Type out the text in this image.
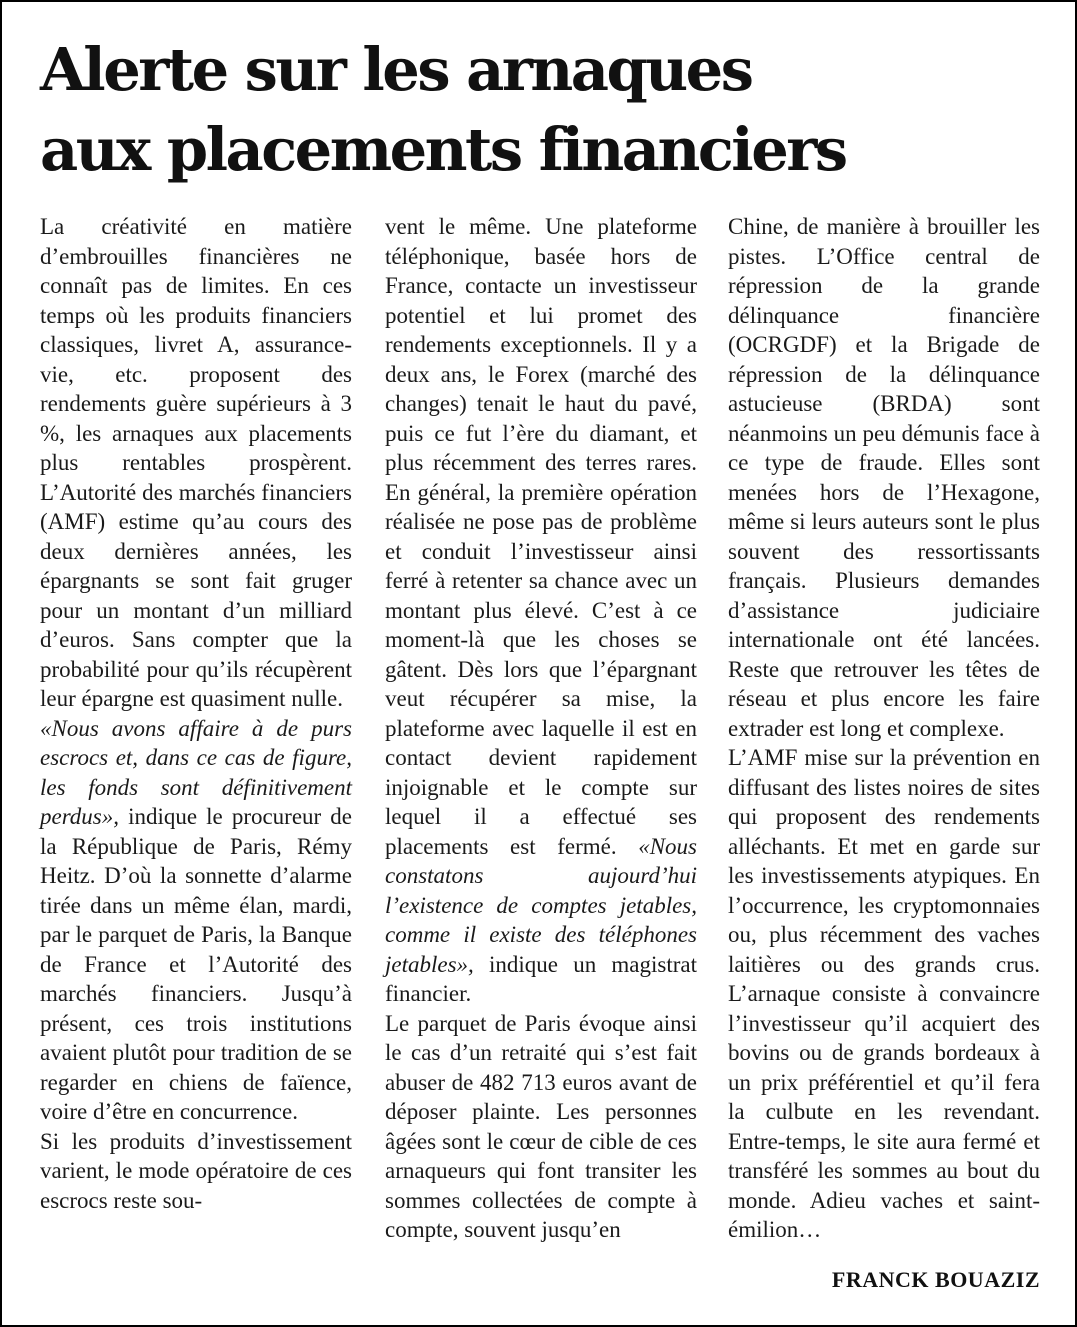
Alerte sur les arnaques
aux placements financiers

La créativité en matière d’embrouilles financières ne connaît pas de limites. En ces temps où les produits financiers classiques, livret A, assurance-vie, etc. proposent des rendements guère supérieurs à 3 %, les arnaques aux placements plus rentables prospèrent. L’Autorité des marchés financiers (AMF) estime qu’au cours des deux dernières années, les épargnants se sont fait gruger pour un montant d’un milliard d’euros. Sans compter que la probabilité pour qu’ils récupèrent leur épargne est quasiment nulle.

«Nous avons affaire à de purs escrocs et, dans ce cas de figure, les fonds sont définitivement perdus», indique le procureur de la République de Paris, Rémy Heitz. D’où la sonnette d’alarme tirée dans un même élan, mardi, par le parquet de Paris, la Banque de France et l’Autorité des marchés financiers. Jusqu’à présent, ces trois institutions avaient plutôt pour tradition de se regarder en chiens de faïence, voire d’être en concurrence.

Si les produits d’investissement varient, le mode opératoire de ces escrocs reste sou-

vent le même. Une plateforme téléphonique, basée hors de France, contacte un investisseur potentiel et lui promet des rendements exceptionnels. Il y a deux ans, le Forex (marché des changes) tenait le haut du pavé, puis ce fut l’ère du diamant, et plus récemment des terres rares. En général, la première opération réalisée ne pose pas de problème et conduit l’investisseur ainsi ferré à retenter sa chance avec un montant plus élevé. C’est à ce moment-là que les choses se gâtent. Dès lors que l’épargnant veut récupérer sa mise, la plateforme avec laquelle il est en contact devient rapidement injoignable et le compte sur lequel il a effectué ses placements est fermé. «Nous constatons aujourd’hui l’existence de comptes jetables, comme il existe des téléphones jetables», indique un magistrat financier.

Le parquet de Paris évoque ainsi le cas d’un retraité qui s’est fait abuser de 482 713 euros avant de déposer plainte. Les personnes âgées sont le cœur de cible de ces arnaqueurs qui font transiter les sommes collectées de compte à compte, souvent jusqu’en

Chine, de manière à brouiller les pistes. L’Office central de répression de la grande délinquance financière (OCRGDF) et la Brigade de répression de la délinquance astucieuse (BRDA) sont néanmoins un peu démunis face à ce type de fraude. Elles sont menées hors de l’Hexagone, même si leurs auteurs sont le plus souvent des ressortissants français. Plusieurs demandes d’assistance judiciaire internationale ont été lancées. Reste que retrouver les têtes de réseau et plus encore les faire extrader est long et complexe.

L’AMF mise sur la prévention en diffusant des listes noires de sites qui proposent des rendements alléchants. Et met en garde sur les investissements atypiques. En l’occurrence, les cryptomonnaies ou, plus récemment des vaches laitières ou des grands crus. L’arnaque consiste à convaincre l’investisseur qu’il acquiert des bovins ou de grands bordeaux à un prix préférentiel et qu’il fera la culbute en les revendant. Entre-temps, le site aura fermé et transféré les sommes au bout du monde. Adieu vaches et saint-émilion…

FRANCK BOUAZIZ
